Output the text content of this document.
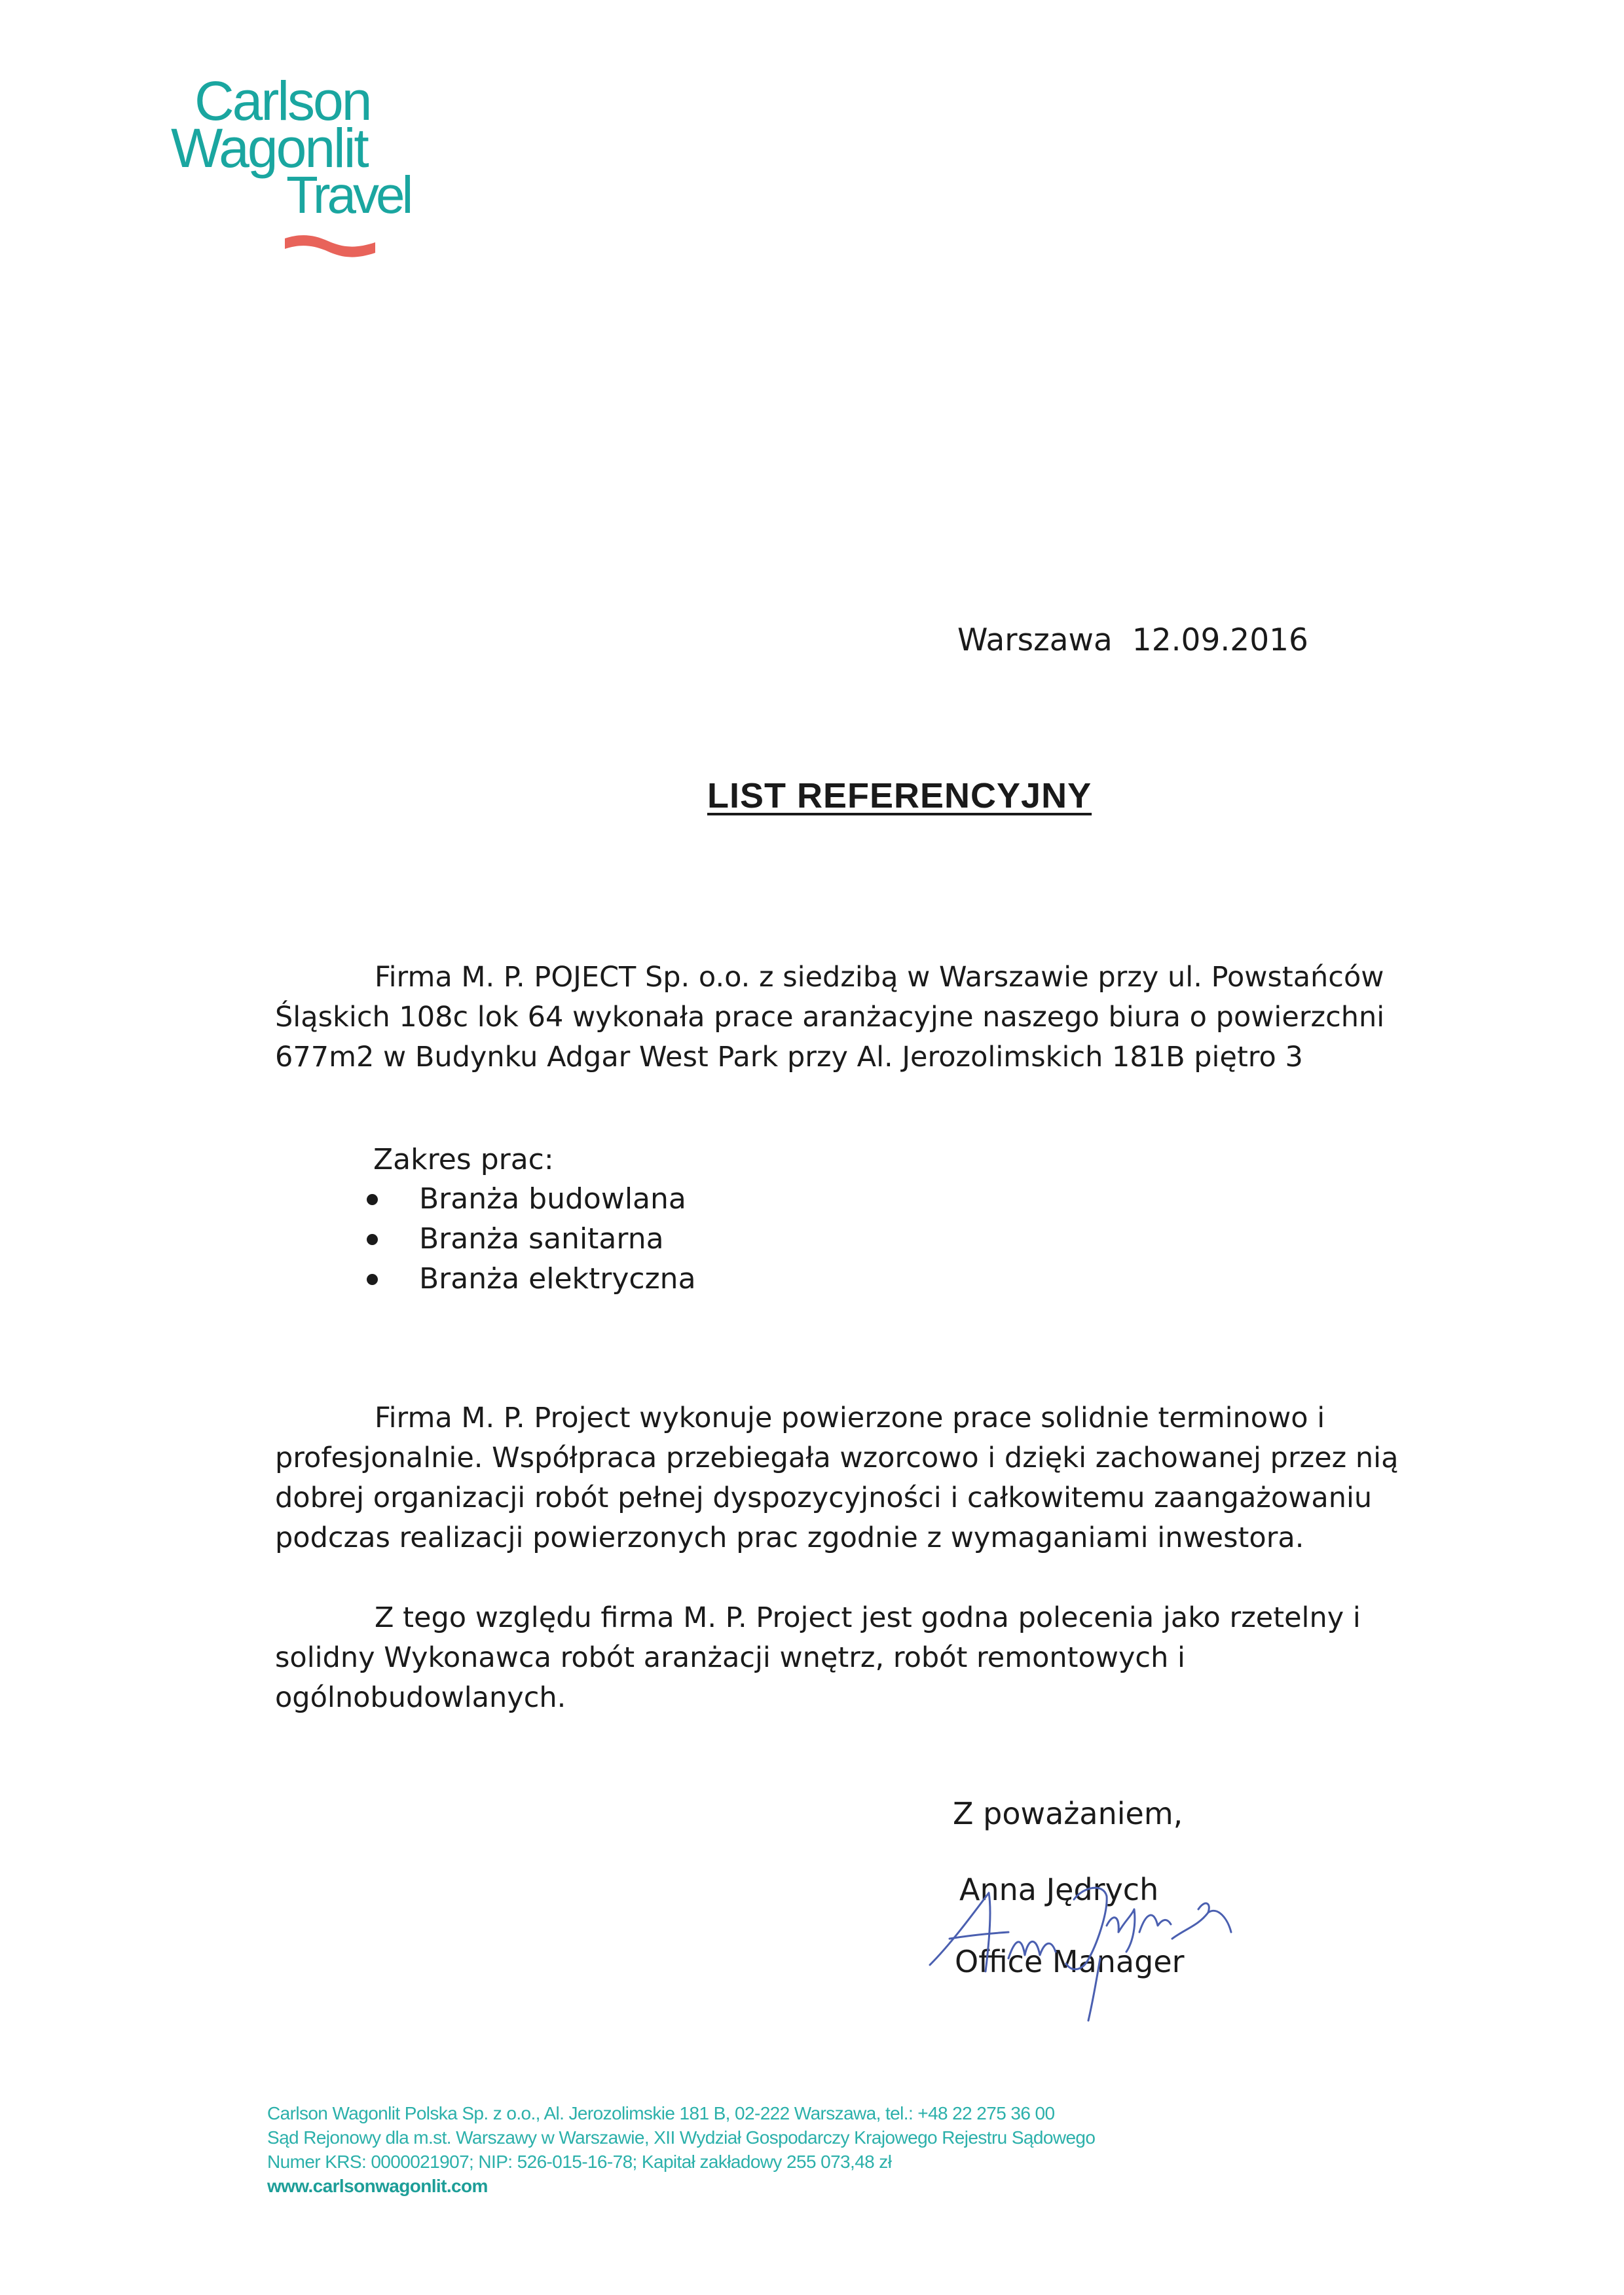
Carlson
Wagonlit
Travel
Warszawa 12.09.2016
LIST REFERENCYJNY
Firma M. P. POJECT Sp. o.o. z siedzibą w Warszawie przy ul. Powstańców
Śląskich 108c lok 64 wykonała prace aranżacyjne naszego biura o powierzchni
677m2 w Budynku Adgar West Park przy Al. Jerozolimskich 181B piętro 3
Zakres prac:
Branża budowlana
Branża sanitarna
Branża elektryczna
Firma M. P. Project wykonuje powierzone prace solidnie terminowo i
profesjonalnie. Współpraca przebiegała wzorcowo i dzięki zachowanej przez nią
dobrej organizacji robót pełnej dyspozycyjności i całkowitemu zaangażowaniu
podczas realizacji powierzonych prac zgodnie z wymaganiami inwestora.
Z tego względu firma M. P. Project jest godna polecenia jako rzetelny i
solidny Wykonawca robót aranżacji wnętrz, robót remontowych i
ogólnobudowlanych.
Z poważaniem,
Anna Jędrych
Office Manager
Carlson Wagonlit Polska Sp. z o.o., Al. Jerozolimskie 181 B, 02-222 Warszawa, tel.: +48 22 275 36 00
Sąd Rejonowy dla m.st. Warszawy w Warszawie, XII Wydział Gospodarczy Krajowego Rejestru Sądowego
Numer KRS: 0000021907; NIP: 526-015-16-78; Kapitał zakładowy 255 073,48 zł
www.carlsonwagonlit.com
